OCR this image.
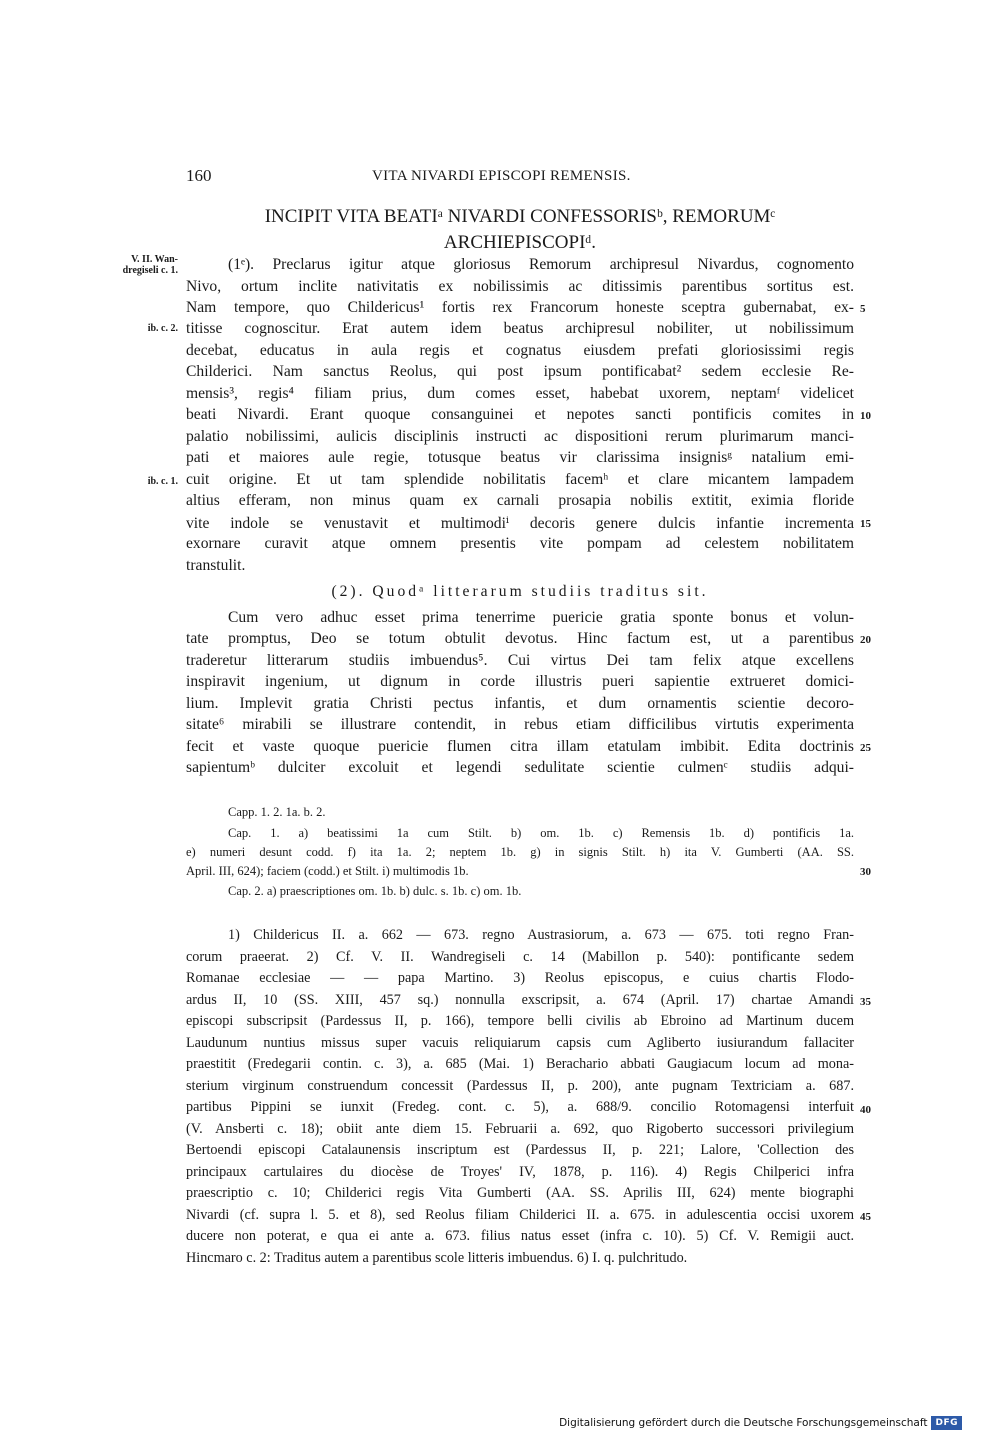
160	VITA NIVARDI EPISCOPI REMENSIS.
INCIPIT VITA BEATIᵃ NIVARDI CONFESSORISᵇ, REMORUMᶜ
ARCHIEPISCOPIᵈ.
V. II. Wan-
dregiseli c. 1.
ib. c. 2.
ib. c. 1.
(1ᵉ). Preclarus igitur atque gloriosus Remorum archipresul Nivardus, cognomento
Nivo, ortum inclite nativitatis ex nobilissimis ac ditissimis parentibus sortitus est.
Nam tempore, quo Childericus¹ fortis rex Francorum honeste sceptra gubernabat, ex-
titisse cognoscitur. Erat autem idem beatus archipresul nobiliter, ut nobilissimum
decebat, educatus in aula regis et cognatus eiusdem prefati gloriosissimi regis
Childerici. Nam sanctus Reolus, qui post ipsum pontificabat² sedem ecclesie Re-
mensis³, regis⁴ filiam prius, dum comes esset, habebat uxorem, neptamᶠ videlicet
beati Nivardi. Erant quoque consanguinei et nepotes sancti pontificis comites in
palatio nobilissimi, aulicis disciplinis instructi ac dispositioni rerum plurimarum manci-
pati et maiores aule regie, totusque beatus vir clarissima insignisᵍ natalium emi-
cuit origine. Et ut tam splendide nobilitatis facemʰ et clare micantem lampadem
altius efferam, non minus quam ex carnali prosapia nobilis extitit, eximia floride
vite indole se venustavit et multimodiⁱ decoris genere dulcis infantie incrementa
exornare curavit atque omnem presentis vite pompam ad celestem nobilitatem
transtulit.
(2). Quodᵃ litterarum studiis traditus sit.
Cum vero adhuc esset prima tenerrime puericie gratia sponte bonus et volun-
tate promptus, Deo se totum obtulit devotus. Hinc factum est, ut a parentibus
traderetur litterarum studiis imbuendus⁵. Cui virtus Dei tam felix atque excellens
inspiravit ingenium, ut dignum in corde illustris pueri sapientie extrueret domici-
lium. Implevit gratia Christi pectus infantis, et dum ornamentis scientie decoro-
sitate⁶ mirabili se illustrare contendit, in rebus etiam difficilibus virtutis experimenta
fecit et vaste quoque puericie flumen citra illam etatulam imbibit. Edita doctrinis
sapientumᵇ dulciter excoluit et legendi sedulitate scientie culmenᶜ studiis adqui-
5
10
15
20
25
30
35
40
45
Capp. 1. 2. 1a. b. 2.
Cap. 1. a) beatissimi 1a cum Stilt. b) om. 1b. c) Remensis 1b. d) pontificis 1a.
e) numeri desunt codd. f) ita 1a. 2; neptem 1b. g) in signis Stilt. h) ita V. Gumberti (AA. SS.
April. III, 624); faciem (codd.) et Stilt. i) multimodis 1b.
Cap. 2. a) praescriptiones om. 1b. b) dulc. s. 1b. c) om. 1b.
1) Childericus II. a. 662 — 673. regno Austrasiorum, a. 673 — 675. toti regno Fran-
corum praeerat. 2) Cf. V. II. Wandregiseli c. 14 (Mabillon p. 540): pontificante sedem
Romanae ecclesiae — — papa Martino. 3) Reolus episcopus, e cuius chartis Flodo-
ardus II, 10 (SS. XIII, 457 sq.) nonnulla exscripsit, a. 674 (April. 17) chartae Amandi
episcopi subscripsit (Pardessus II, p. 166), tempore belli civilis ab Ebroino ad Martinum ducem
Laudunum nuntius missus super vacuis reliquiarum capsis cum Agliberto iusiurandum fallaciter
praestitit (Fredegarii contin. c. 3), a. 685 (Mai. 1) Berachario abbati Gaugiacum locum ad mona-
sterium virginum construendum concessit (Pardessus II, p. 200), ante pugnam Textriciam a. 687.
partibus Pippini se iunxit (Fredeg. cont. c. 5), a. 688/9. concilio Rotomagensi interfuit
(V. Ansberti c. 18); obiit ante diem 15. Februarii a. 692, quo Rigoberto successori privilegium
Bertoendi episcopi Catalaunensis inscriptum est (Pardessus II, p. 221; Lalore, 'Collection des
principaux cartulaires du diocèse de Troyes' IV, 1878, p. 116). 4) Regis Chilperici infra
praescriptio c. 10; Childerici regis Vita Gumberti (AA. SS. Aprilis III, 624) mente biographi
Nivardi (cf. supra l. 5. et 8), sed Reolus filiam Childerici II. a. 675. in adulescentia occisi uxorem
ducere non poterat, e qua ei ante a. 673. filius natus esset (infra c. 10). 5) Cf. V. Remigii auct.
Hincmaro c. 2: Traditus autem a parentibus scole litteris imbuendus. 6) I. q. pulchritudo.
Digitalisierung gefördert durch die Deutsche Forschungsgemeinschaft DFG
